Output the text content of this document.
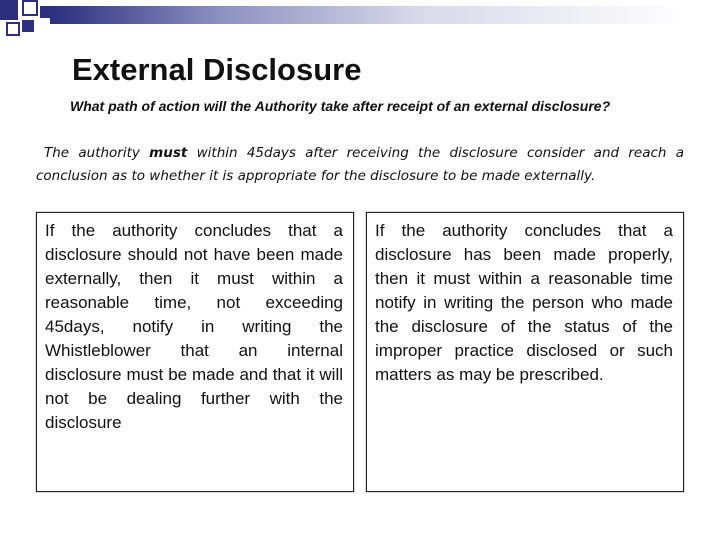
External Disclosure
What path of action will the Authority take after receipt of an external disclosure?
The authority must within 45days after receiving the disclosure consider and reach a conclusion as to whether it is appropriate for the disclosure to be made externally.
If the authority concludes that a disclosure should not have been made externally, then it must within a reasonable time, not exceeding 45days, notify in writing the Whistleblower that an internal disclosure must be made and that it will not be dealing further with the disclosure
If the authority concludes that a disclosure has been made properly, then it must within a reasonable time notify in writing the person who made the disclosure of the status of the improper practice disclosed or such matters as may be prescribed.
